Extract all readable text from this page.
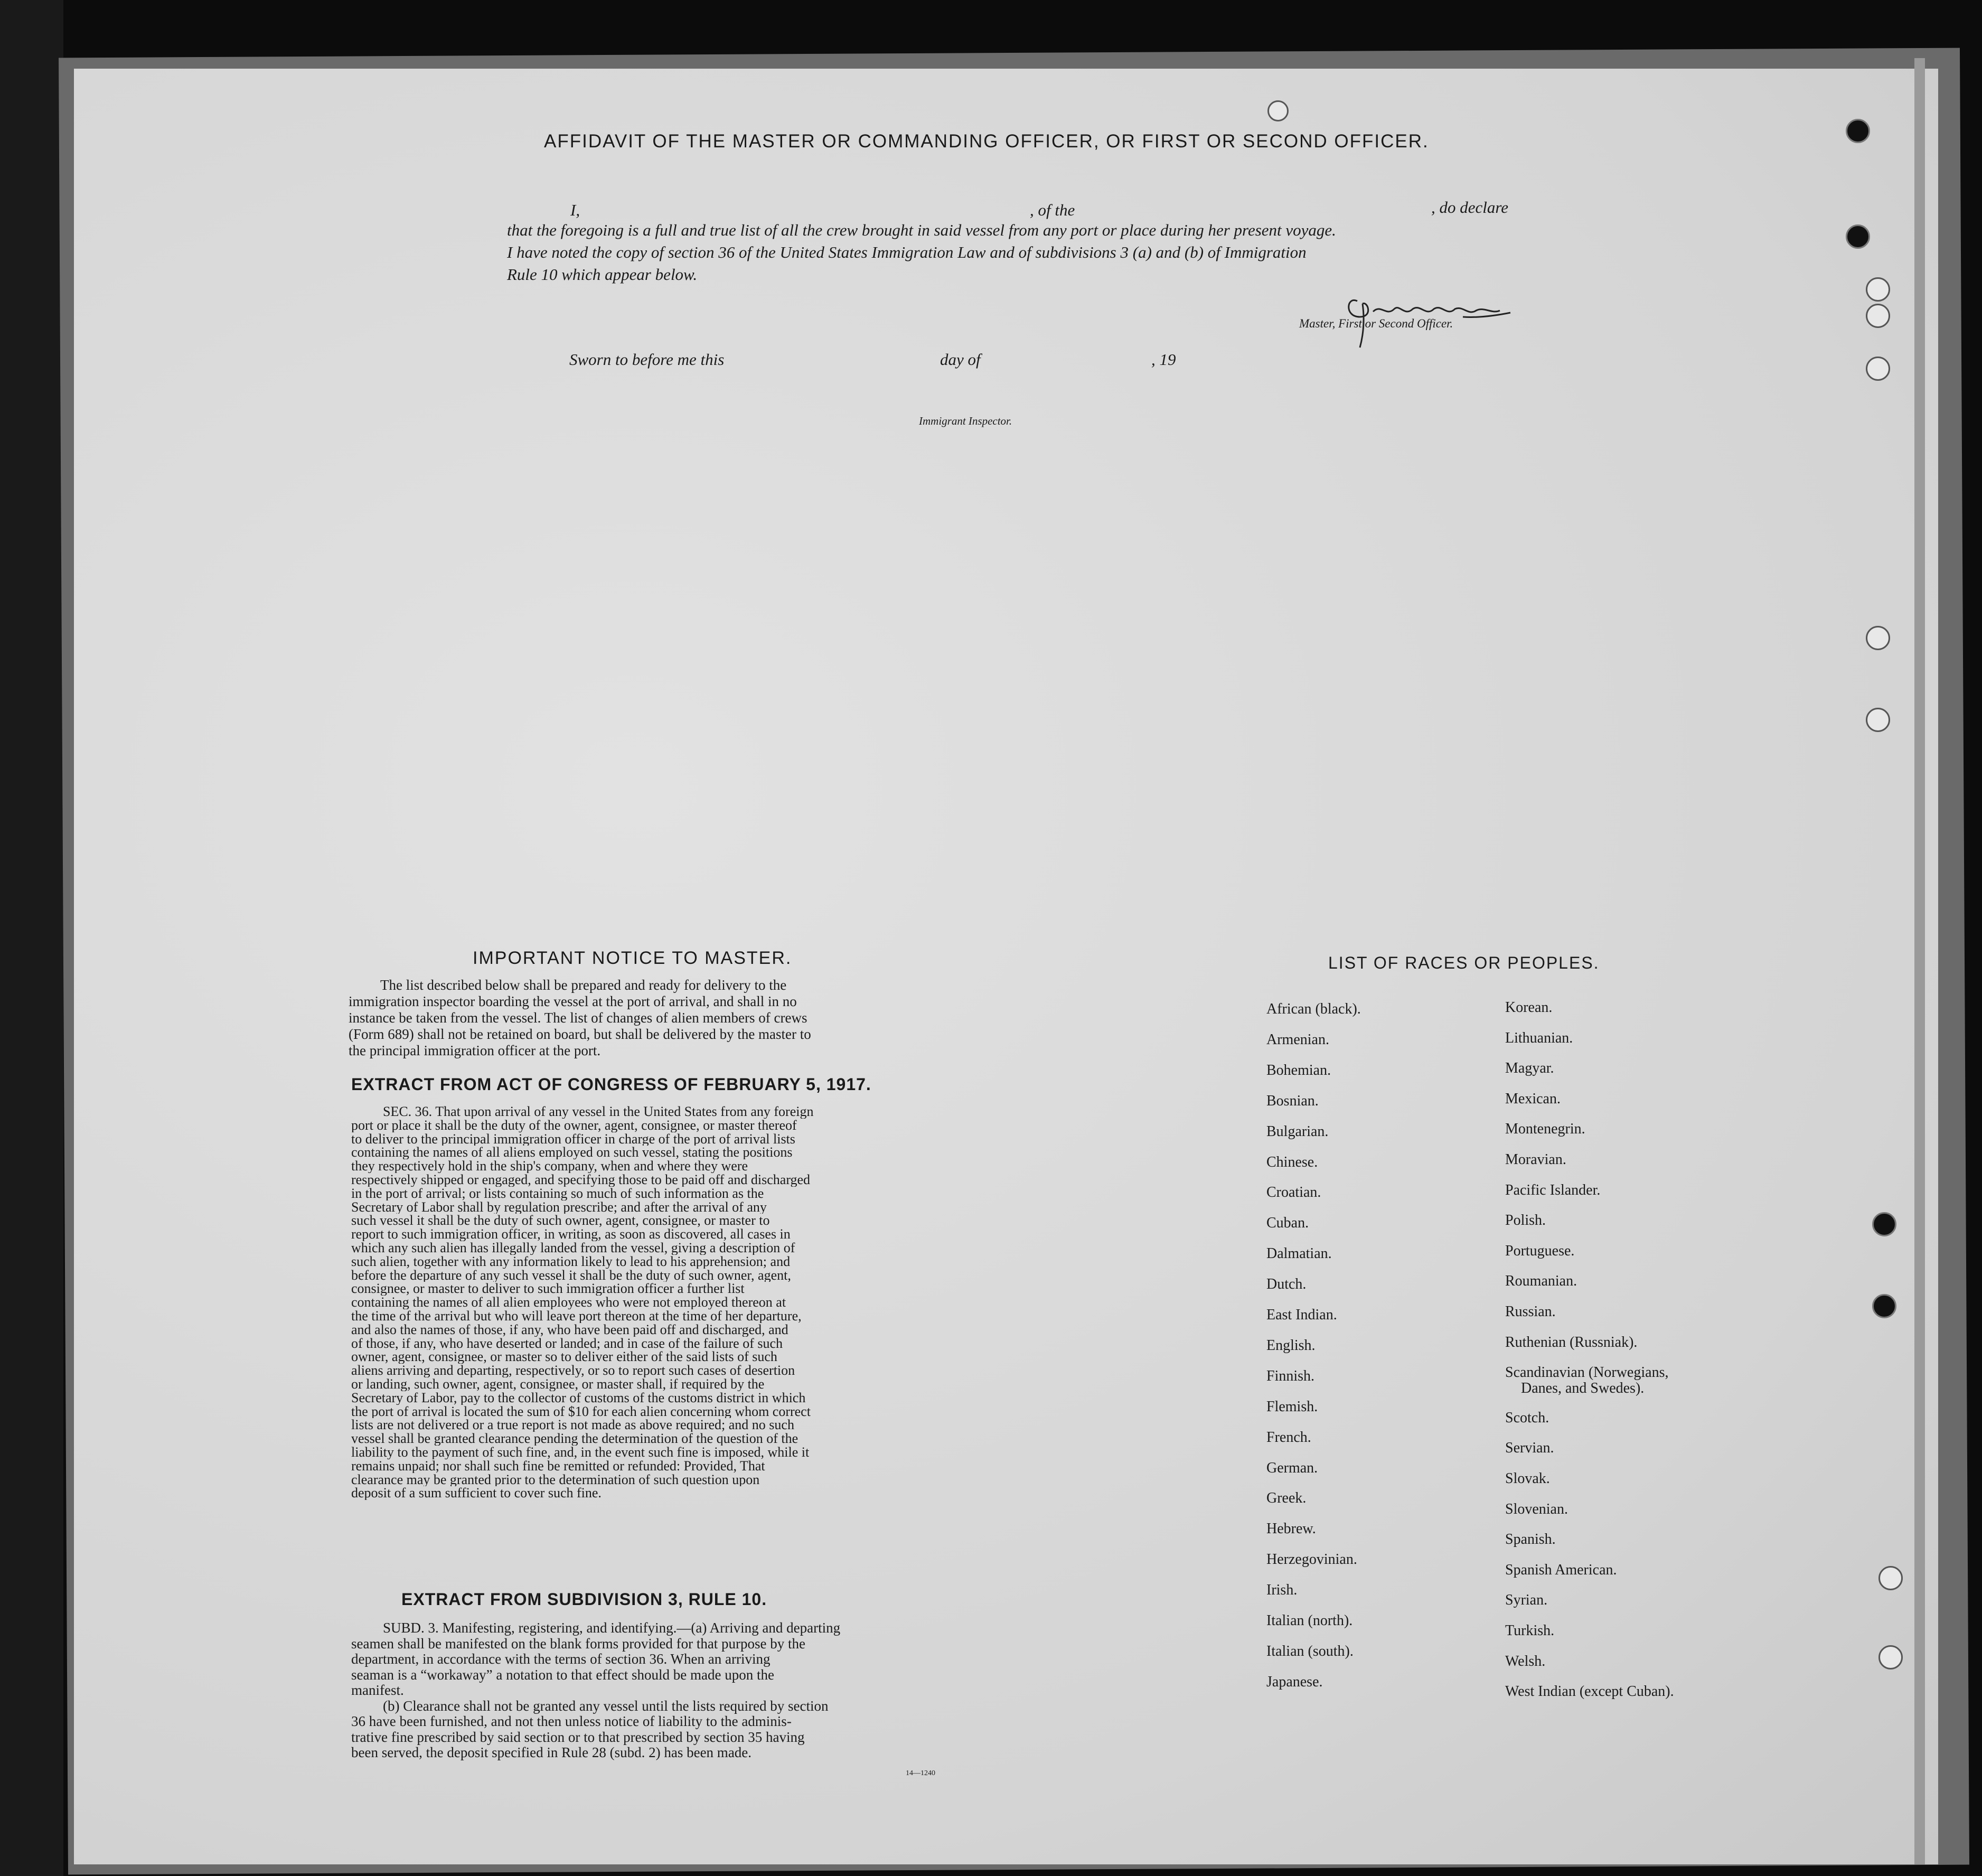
AFFIDAVIT OF THE MASTER OR COMMANDING OFFICER, OR FIRST OR SECOND OFFICER.
I,	, of the	, do declare
that the foregoing is a full and true list of all the crew brought in said vessel from any port or place during her present voyage.
I have noted the copy of section 36 of the United States Immigration Law and of subdivisions 3 (a) and (b) of Immigration
Rule 10 which appear below.
Master, First or Second Officer.
Sworn to before me this	day of	, 19
Immigrant Inspector.
IMPORTANT NOTICE TO MASTER.
The list described below shall be prepared and ready for delivery to the
immigration inspector boarding the vessel at the port of arrival, and shall in no
instance be taken from the vessel. The list of changes of alien members of crews
(Form 689) shall not be retained on board, but shall be delivered by the master to
the principal immigration officer at the port.
EXTRACT FROM ACT OF CONGRESS OF FEBRUARY 5, 1917.
SEC. 36. That upon arrival of any vessel in the United States from any foreign
port or place it shall be the duty of the owner, agent, consignee, or master thereof
to deliver to the principal immigration officer in charge of the port of arrival lists
containing the names of all aliens employed on such vessel, stating the positions
they respectively hold in the ship's company, when and where they were
respectively shipped or engaged, and specifying those to be paid off and discharged
in the port of arrival; or lists containing so much of such information as the
Secretary of Labor shall by regulation prescribe; and after the arrival of any
such vessel it shall be the duty of such owner, agent, consignee, or master to
report to such immigration officer, in writing, as soon as discovered, all cases in
which any such alien has illegally landed from the vessel, giving a description of
such alien, together with any information likely to lead to his apprehension; and
before the departure of any such vessel it shall be the duty of such owner, agent,
consignee, or master to deliver to such immigration officer a further list
containing the names of all alien employees who were not employed thereon at
the time of the arrival but who will leave port thereon at the time of her departure,
and also the names of those, if any, who have been paid off and discharged, and
of those, if any, who have deserted or landed; and in case of the failure of such
owner, agent, consignee, or master so to deliver either of the said lists of such
aliens arriving and departing, respectively, or so to report such cases of desertion
or landing, such owner, agent, consignee, or master shall, if required by the
Secretary of Labor, pay to the collector of customs of the customs district in which
the port of arrival is located the sum of $10 for each alien concerning whom correct
lists are not delivered or a true report is not made as above required; and no such
vessel shall be granted clearance pending the determination of the question of the
liability to the payment of such fine, and, in the event such fine is imposed, while it
remains unpaid; nor shall such fine be remitted or refunded: Provided, That
clearance may be granted prior to the determination of such question upon
deposit of a sum sufficient to cover such fine.
EXTRACT FROM SUBDIVISION 3, RULE 10.
SUBD. 3. Manifesting, registering, and identifying.—(a) Arriving and departing
seamen shall be manifested on the blank forms provided for that purpose by the
department, in accordance with the terms of section 36. When an arriving
seaman is a “workaway” a notation to that effect should be made upon the
manifest.
(b) Clearance shall not be granted any vessel until the lists required by section
36 have been furnished, and not then unless notice of liability to the adminis-
trative fine prescribed by said section or to that prescribed by section 35 having
been served, the deposit specified in Rule 28 (subd. 2) has been made.
14—1240
LIST OF RACES OR PEOPLES.
African (black).
Armenian.
Bohemian.
Bosnian.
Bulgarian.
Chinese.
Croatian.
Cuban.
Dalmatian.
Dutch.
East Indian.
English.
Finnish.
Flemish.
French.
German.
Greek.
Hebrew.
Herzegovinian.
Irish.
Italian (north).
Italian (south).
Japanese.
Korean.
Lithuanian.
Magyar.
Mexican.
Montenegrin.
Moravian.
Pacific Islander.
Polish.
Portuguese.
Roumanian.
Russian.
Ruthenian (Russniak).
Scandinavian (Norwegians,
Danes, and Swedes).
Scotch.
Servian.
Slovak.
Slovenian.
Spanish.
Spanish American.
Syrian.
Turkish.
Welsh.
West Indian (except Cuban).
